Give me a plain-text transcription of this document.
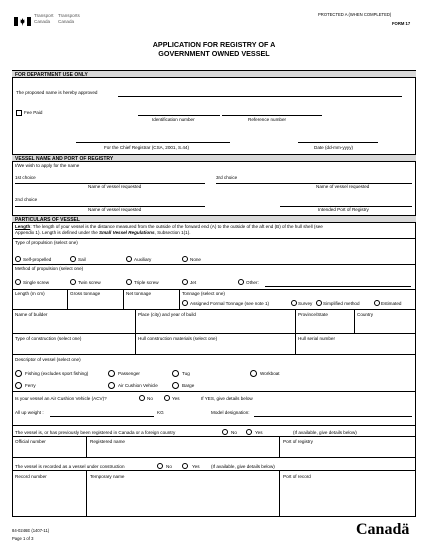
Transport
Canada
Transports
Canada
PROTECTED A (WHEN COMPLETED)
FORM 17
APPLICATION FOR REGISTRY OF A
GOVERNMENT OWNED VESSEL
FOR DEPARTMENT USE ONLY
The proposed name is hereby approved
Fee Paid
Identification number	Reference number
For the Chief Registrar (CSA, 2001, S.44)	Date (dd-mm-yyyy)
VESSEL NAME AND PORT OF REGISTRY
I/We wish to apply for the name
1st choice	3rd choice
Name of vessel requested	Name of vessel requested
2nd choice
Name of vessel requested	Intended Port of Registry
PARTICULARS OF VESSEL
Length: The length of your vessel is the distance measured from the outside of the forward end (A) to the outside of the aft end (B) of the hull shell (see
Appendix 1). Length is defined under the Small Vessel Regulations, Subsection 1(1).
Type of propulsion (select one)
Self-propelled	Sail	Auxiliary	None
Method of propulsion (select one)
Single screw	Twin screw	Triple screw	Jet	Other:
Length (m cm)	Gross tonnage	Net tonnage	Tonnage (select one)
Assigned Formal Tonnage (see note 1)	Survey Simplified method	Estimated
Name of builder	Place (city) and year of build	Province/State	Country
Type of construction (select one)	Hull construction materials (select one)	Hull serial number
Descriptor of vessel (select one)
Fishing (excludes sport fishing)	Passenger	Tug	Workboat
Ferry	Air Cushion Vehicle	Barge
Is your vessel an Air Cushion Vehicle (ACV)?	No	Yes	If YES, give details below
All up weight :	KG	Model designation:
The vessel is, or has previously been registered in Canada or a foreign country	No	Yes	(If available, give details below)
Official number	Registered name	Port of registry
The vessel is recorded as a vessel under construction	No	Yes	(If available, give details below)
Record number	Temporary name	Port of record
84-0246E (1407-11)
Page 1 of 3
Canadä
